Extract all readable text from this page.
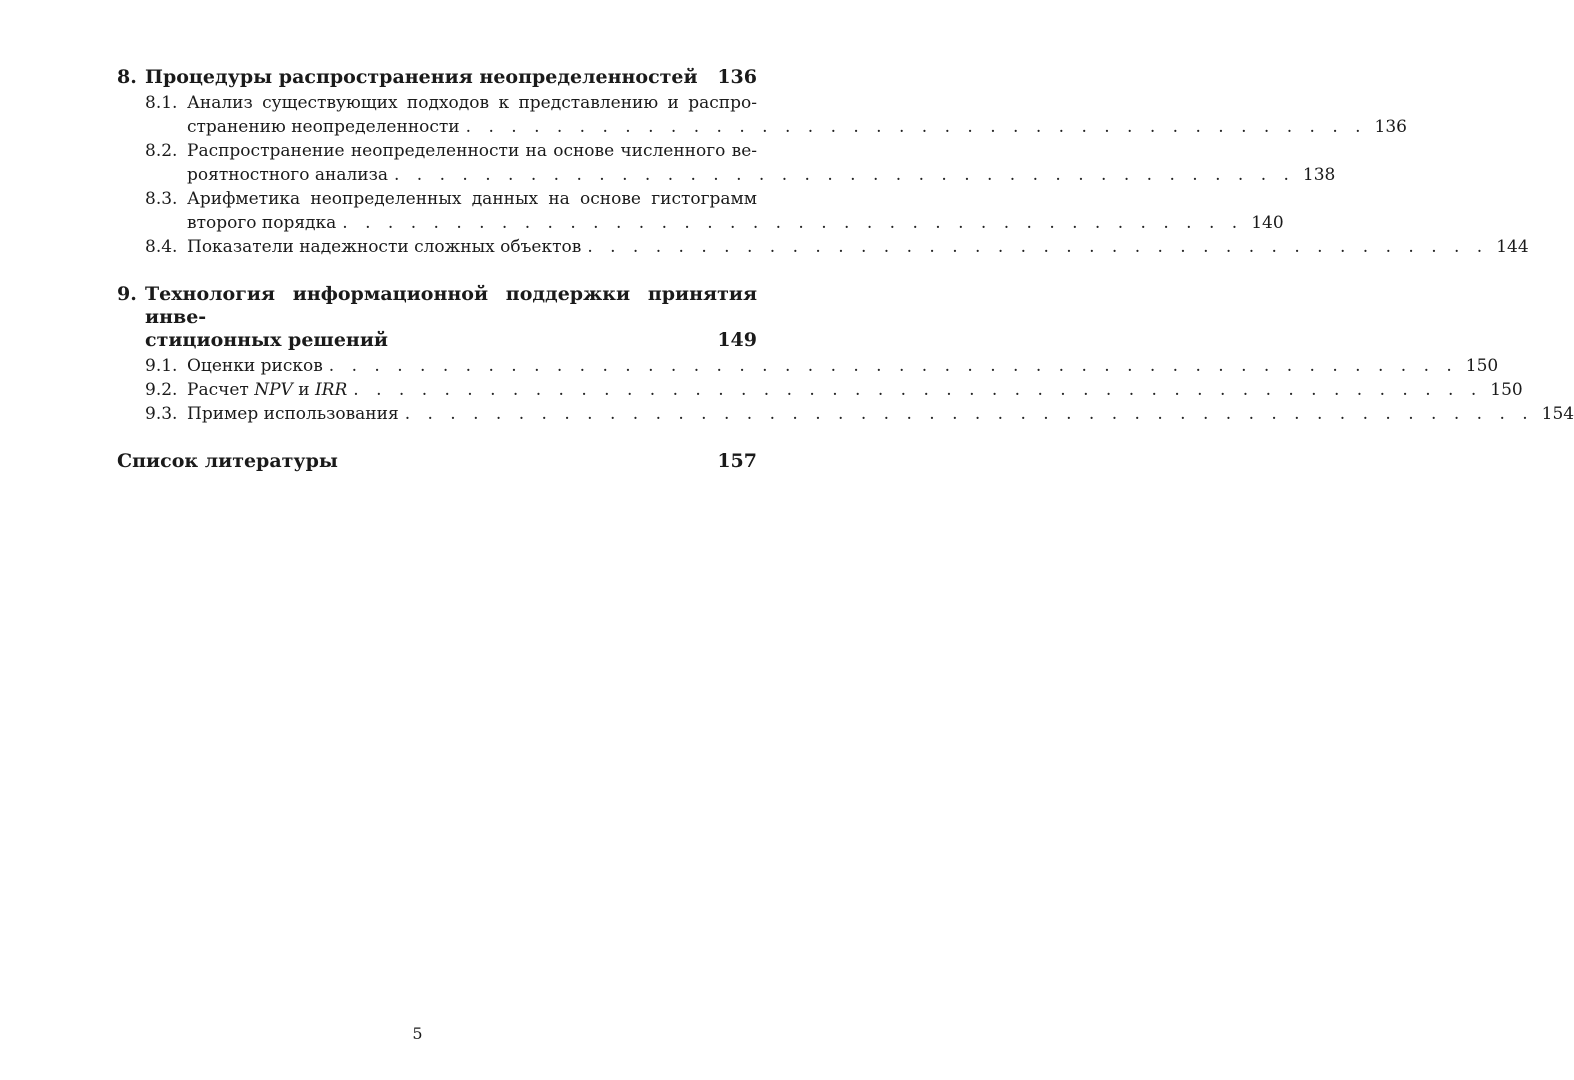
8. Процедуры распространения неопределенностей	136
8.1. Анализ существующих подходов к представлению и распро-
странению неопределенности . . . . . . . . . . . . . . . . . . . . . . . . . . . . . . . . . . . . . . . . 136
8.2. Распространение неопределенности на основе численного ве-
роятностного анализа . . . . . . . . . . . . . . . . . . . . . . . . . . . . . . . . . . . . . . . . 138
8.3. Арифметика неопределенных данных на основе гистограмм
второго порядка . . . . . . . . . . . . . . . . . . . . . . . . . . . . . . . . . . . . . . . . 140
8.4. Показатели надежности сложных объектов . . . . . . . . . . . . . . . . . . . . . . . . . . . . . . . . . . . . . . . . 144
9. Технология информационной поддержки принятия инве-
стиционных решений	149
9.1. Оценки рисков . . . . . . . . . . . . . . . . . . . . . . . . . . . . . . . . . . . . . . . . . . . . . . . . . . 150
9.2. Расчет NPV и IRR . . . . . . . . . . . . . . . . . . . . . . . . . . . . . . . . . . . . . . . . . . . . . . . . . . 150
9.3. Пример использования . . . . . . . . . . . . . . . . . . . . . . . . . . . . . . . . . . . . . . . . . . . . . . . . . . 154
Список литературы	157
5
